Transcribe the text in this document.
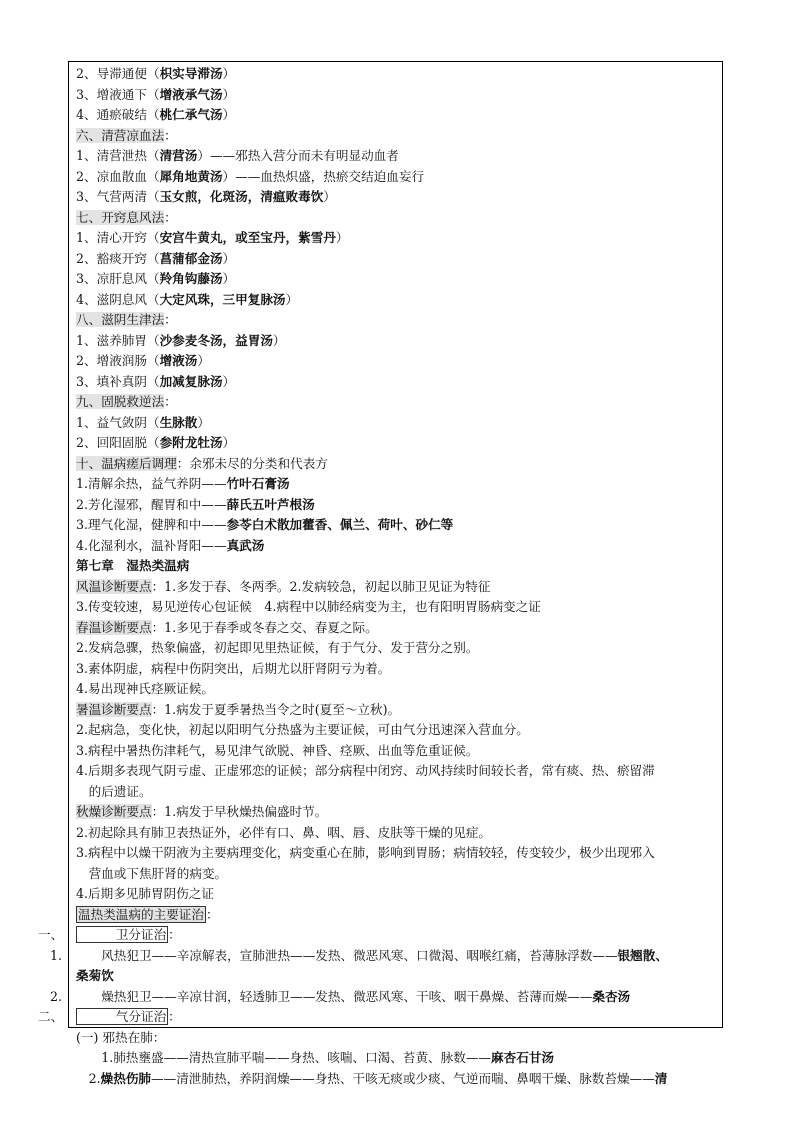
2、导滞通便（枳实导滞汤）
3、增液通下（增液承气汤）
4、通瘀破结（桃仁承气汤）
六、清营凉血法：
1、清营泄热（清营汤）——邪热入营分而未有明显动血者
2、凉血散血（犀角地黄汤）——血热炽盛，热瘀交结迫血妄行
3、气营两清（玉女煎，化斑汤，清瘟败毒饮）
七、开窍息风法：
1、清心开窍（安宫牛黄丸，或至宝丹，紫雪丹）
2、豁痰开窍（菖蒲郁金汤）
3、凉肝息风（羚角钩藤汤）
4、滋阴息风（大定风珠，三甲复脉汤）
八、滋阴生津法：
1、滋养肺胃（沙参麦冬汤，益胃汤）
2、增液润肠（增液汤）
3、填补真阴（加减复脉汤）
九、固脱救逆法：
1、益气敛阴（生脉散）
2、回阳固脱（参附龙牡汤）
十、温病瘥后调理：余邪未尽的分类和代表方
1.清解余热，益气养阴——竹叶石膏汤
2.芳化湿邪，醒胃和中——薛氏五叶芦根汤
3.理气化湿，健脾和中——参苓白术散加藿香、佩兰、荷叶、砂仁等
4.化湿利水，温补肾阳——真武汤
第七章　湿热类温病
风温诊断要点：1.多发于春、冬两季。2.发病较急，初起以肺卫见证为特征
3.传变较速，易见逆传心包证候　4.病程中以肺经病变为主，也有阳明胃肠病变之证
春温诊断要点：1.多见于春季或冬春之交、春夏之际。
2.发病急骤，热象偏盛，初起即见里热证候，有于气分、发于营分之别。
3.素体阴虚，病程中伤阴突出，后期尤以肝肾阴亏为着。
4.易出现神氏痉厥证候。
暑温诊断要点：1.病发于夏季暑热当令之时(夏至～立秋)。
2.起病急，变化快，初起以阳明气分热盛为主要证候，可由气分迅速深入营血分。
3.病程中暑热伤津耗气，易见津气欲脱、神昏、痉厥、出血等危重证候。
4.后期多表现气阴亏虚、正虚邪恋的证候；部分病程中闭窍、动风持续时间较长者，常有痰、热、瘀留滞
　的后遗证。
秋燥诊断要点：1.病发于早秋燥热偏盛时节。
2.初起除具有肺卫表热证外，必伴有口、鼻、咽、唇、皮肤等干燥的见症。
3.病程中以燥干阴液为主要病理变化，病变重心在肺，影响到胃肠；病情较轻，传变较少，极少出现邪入
　营血或下焦肝肾的病变。
4.后期多见肺胃阴伤之证
温热类温病的主要证治 ：
一、 　　　卫分证治 ：
1. 　　风热犯卫——辛凉解表，宣肺泄热——发热、微恶风寒、口微渴、咽喉红痛，苔薄脉浮数——银翘散、
桑菊饮
2. 　　燥热犯卫——辛凉甘润，轻透肺卫——发热、微恶风寒、干咳、咽干鼻燥、苔薄而燥——桑杏汤
二、 　　　气分证治 ：
(一) 邪热在肺：
　　1.肺热壅盛——清热宣肺平喘——身热、咳喘、口渴、苔黄、脉数——麻杏石甘汤
　2.燥热伤肺——清泄肺热，养阴润燥——身热、干咳无痰或少痰、气逆而喘、鼻咽干燥、脉数苔燥——清
